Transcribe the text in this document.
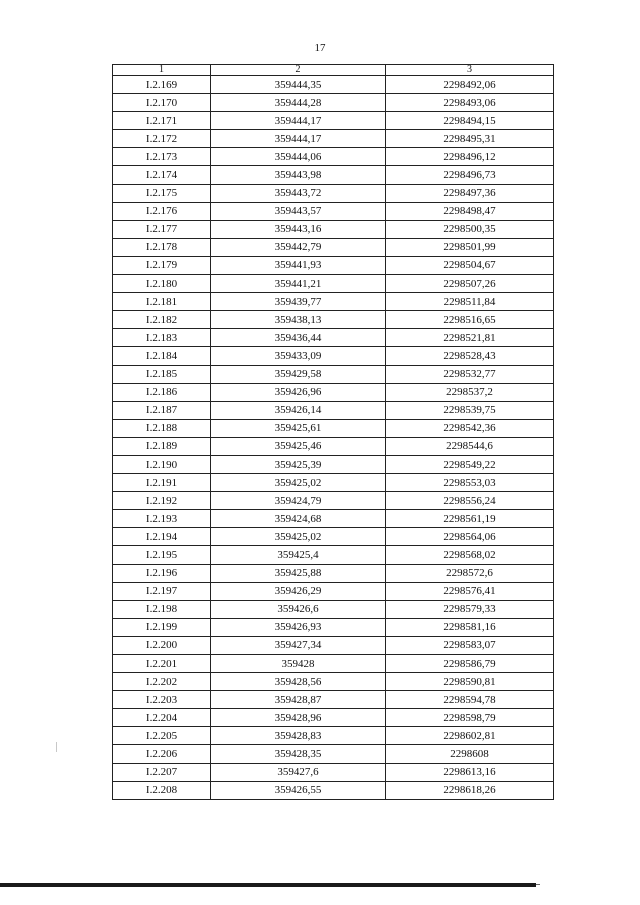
17
1	2	3
I.2.169	359444,35	2298492,06
I.2.170	359444,28	2298493,06
I.2.171	359444,17	2298494,15
I.2.172	359444,17	2298495,31
I.2.173	359444,06	2298496,12
I.2.174	359443,98	2298496,73
I.2.175	359443,72	2298497,36
I.2.176	359443,57	2298498,47
I.2.177	359443,16	2298500,35
I.2.178	359442,79	2298501,99
I.2.179	359441,93	2298504,67
I.2.180	359441,21	2298507,26
I.2.181	359439,77	2298511,84
I.2.182	359438,13	2298516,65
I.2.183	359436,44	2298521,81
I.2.184	359433,09	2298528,43
I.2.185	359429,58	2298532,77
I.2.186	359426,96	2298537,2
I.2.187	359426,14	2298539,75
I.2.188	359425,61	2298542,36
I.2.189	359425,46	2298544,6
I.2.190	359425,39	2298549,22
I.2.191	359425,02	2298553,03
I.2.192	359424,79	2298556,24
I.2.193	359424,68	2298561,19
I.2.194	359425,02	2298564,06
I.2.195	359425,4	2298568,02
I.2.196	359425,88	2298572,6
I.2.197	359426,29	2298576,41
I.2.198	359426,6	2298579,33
I.2.199	359426,93	2298581,16
I.2.200	359427,34	2298583,07
I.2.201	359428	2298586,79
I.2.202	359428,56	2298590,81
I.2.203	359428,87	2298594,78
I.2.204	359428,96	2298598,79
I.2.205	359428,83	2298602,81
I.2.206	359428,35	2298608
I.2.207	359427,6	2298613,16
I.2.208	359426,55	2298618,26
